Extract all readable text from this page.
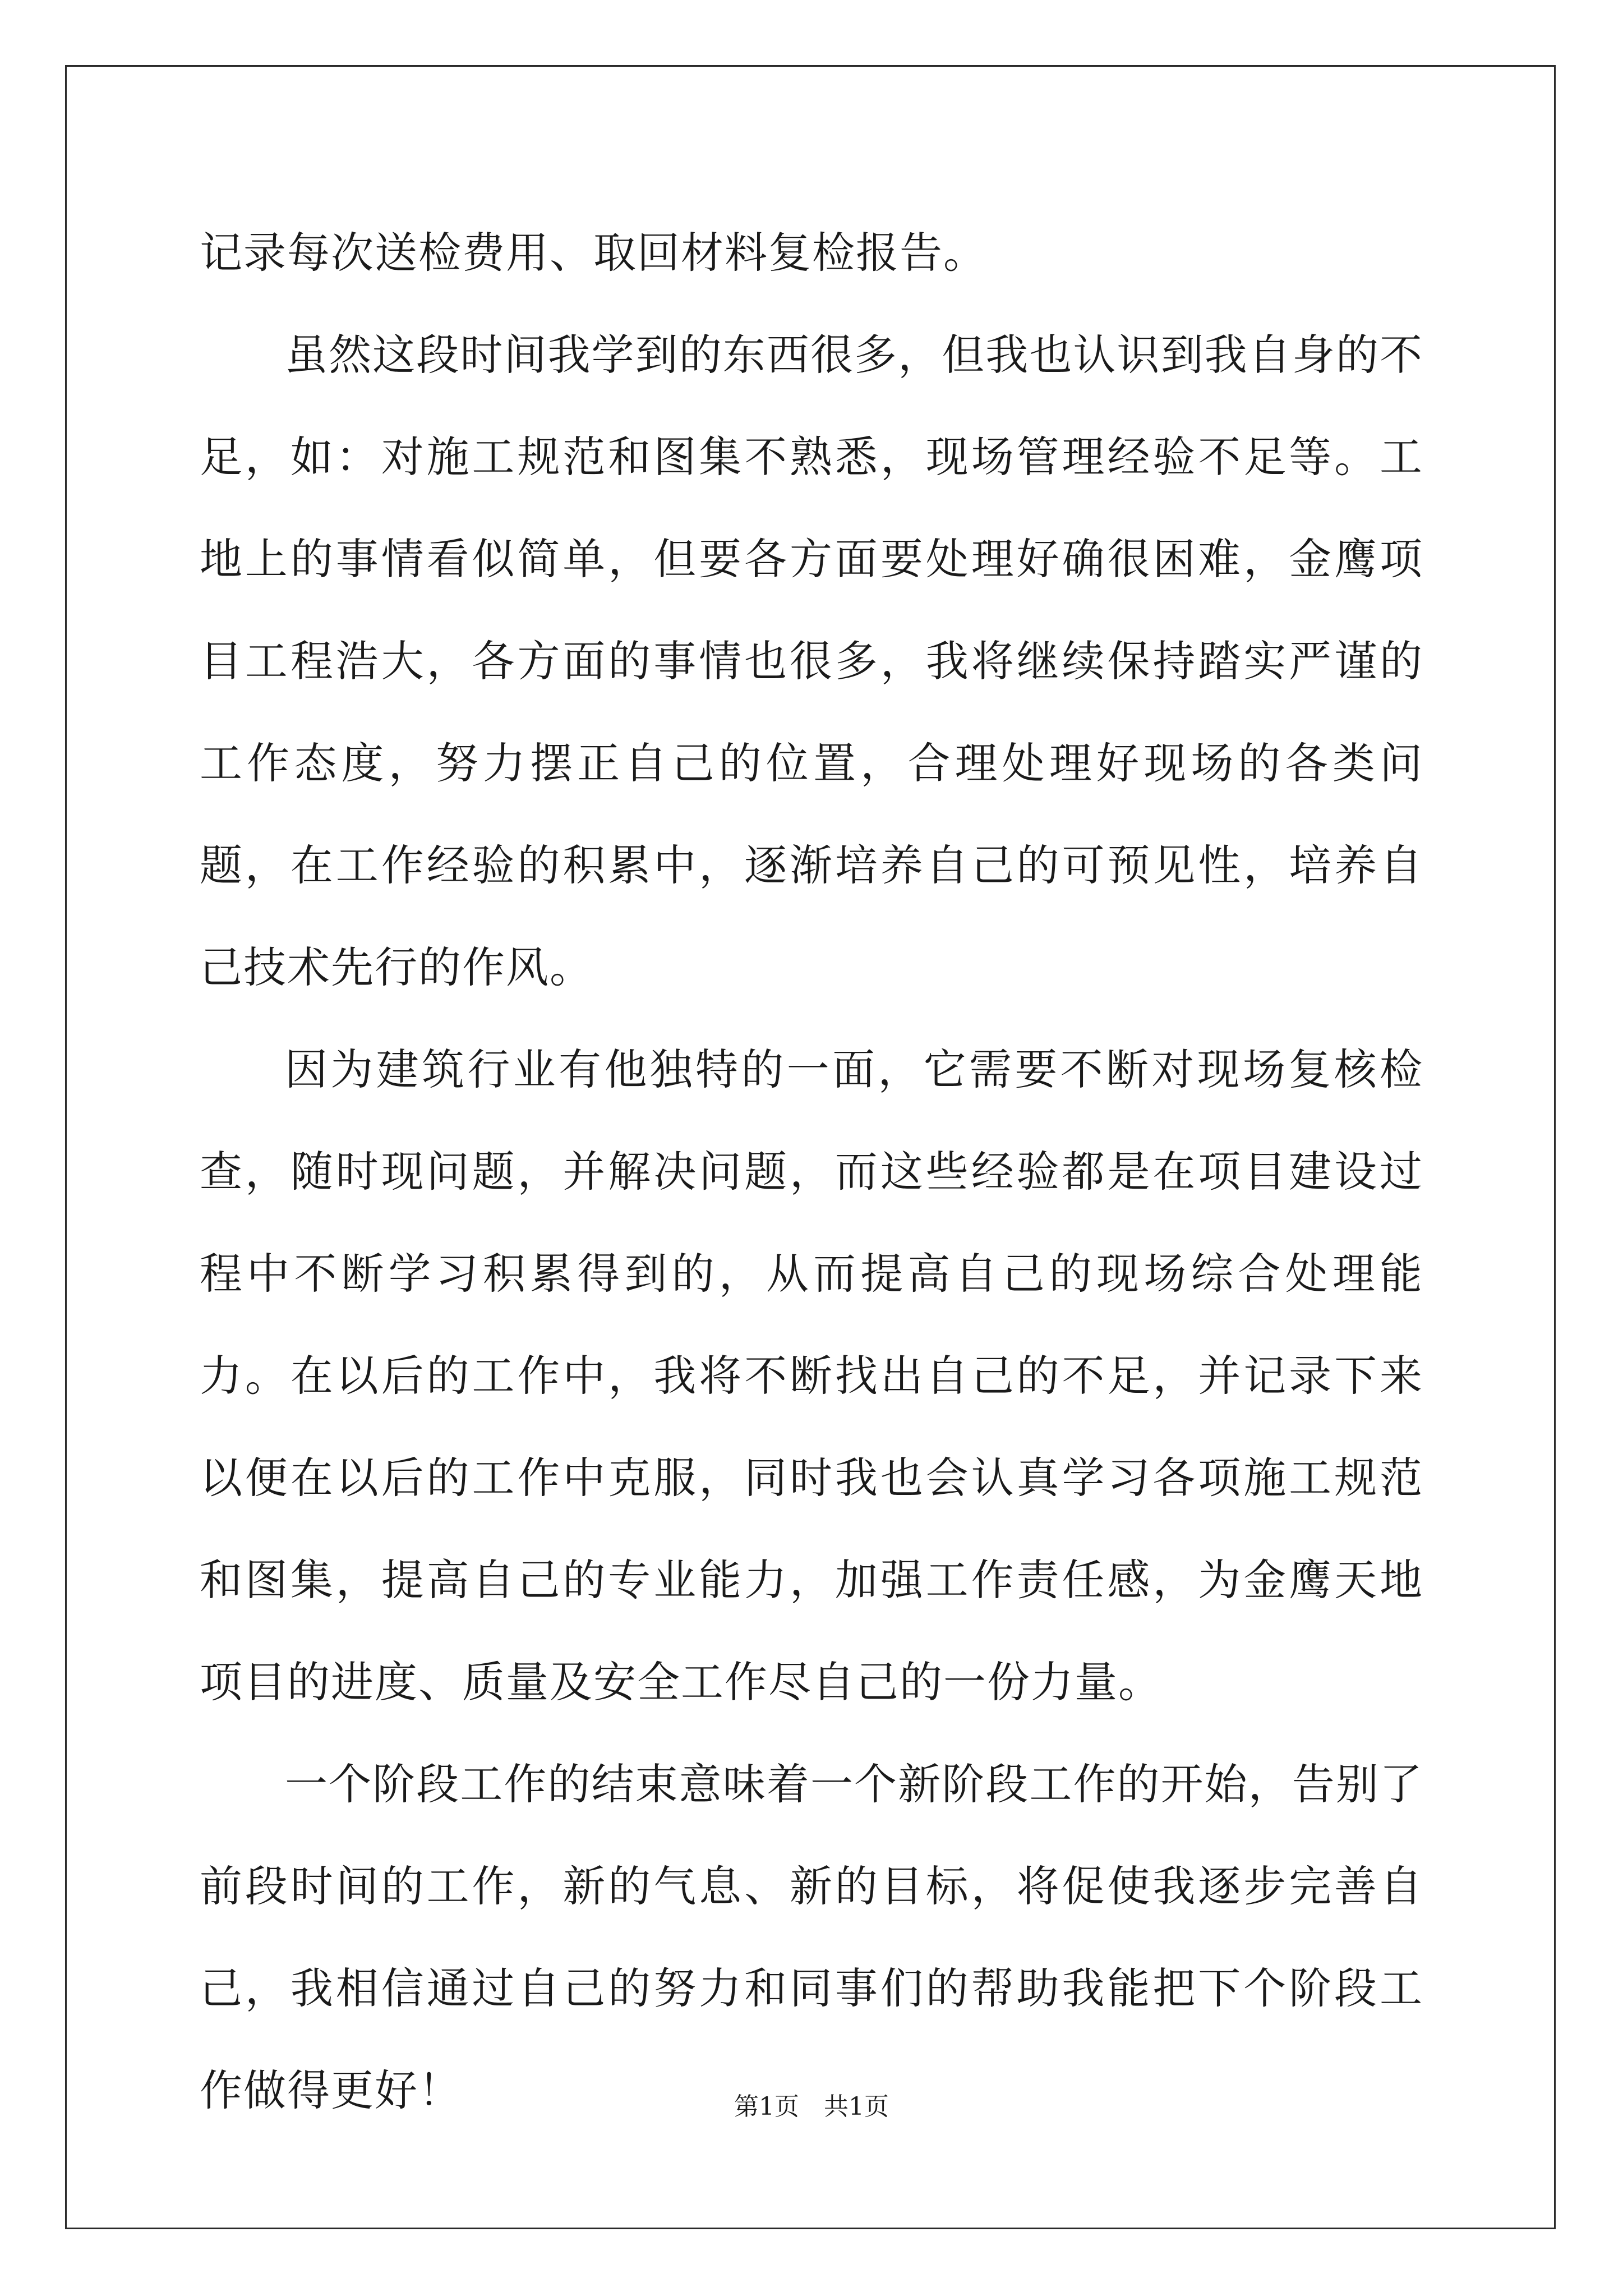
记录每次送检费用、取回材料复检报告。

虽然这段时间我学到的东西很多，但我也认识到我自身的不足，如：对施工规范和图集不熟悉，现场管理经验不足等。工地上的事情看似简单，但要各方面要处理好确很困难，金鹰项目工程浩大，各方面的事情也很多，我将继续保持踏实严谨的工作态度，努力摆正自己的位置，合理处理好现场的各类问题，在工作经验的积累中，逐渐培养自己的可预见性，培养自己技术先行的作风。

因为建筑行业有他独特的一面，它需要不断对现场复核检查，随时现问题，并解决问题，而这些经验都是在项目建设过程中不断学习积累得到的，从而提高自己的现场综合处理能力。在以后的工作中，我将不断找出自己的不足，并记录下来以便在以后的工作中克服，同时我也会认真学习各项施工规范和图集，提高自己的专业能力，加强工作责任感，为金鹰天地项目的进度、质量及安全工作尽自己的一份力量。

一个阶段工作的结束意味着一个新阶段工作的开始，告别了前段时间的工作，新的气息、新的目标，将促使我逐步完善自己，我相信通过自己的努力和同事们的帮助我能把下个阶段工作做得更好！	第1页 共1页
